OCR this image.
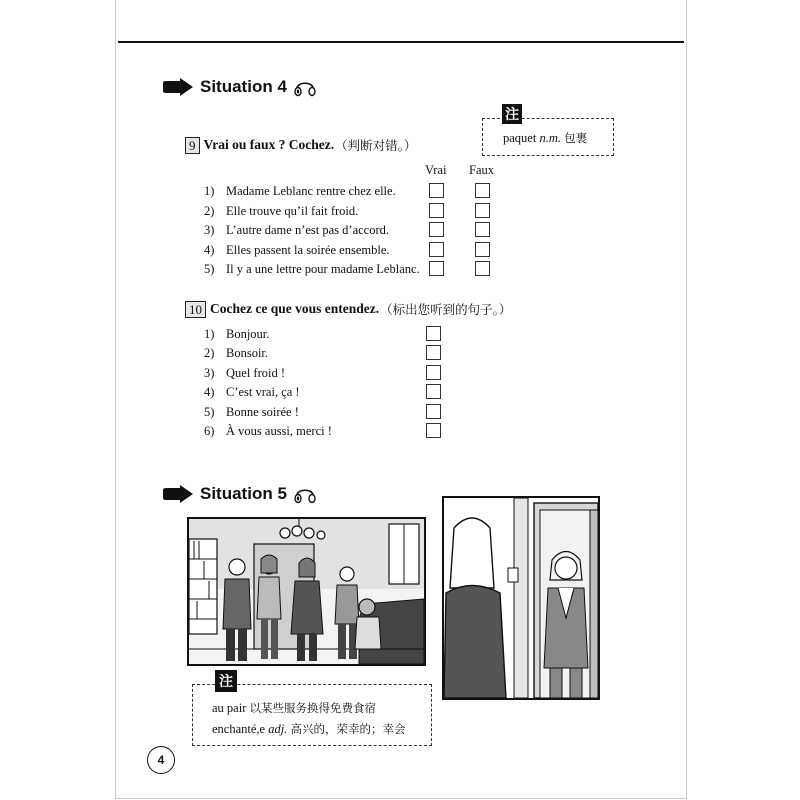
Situation 4
注
paquet n.m. 包裹
9 Vrai ou faux ? Cochez. （判断对错。）
Vrai Faux
1) Madame Leblanc rentre chez elle.
2) Elle trouve qu’il fait froid.
3) L’autre dame n’est pas d’accord.
4) Elles passent la soirée ensemble.
5) Il y a une lettre pour madame Leblanc.
10 Cochez ce que vous entendez. （标出您听到的句子。）
1) Bonjour.
2) Bonsoir.
3) Quel froid !
4) C’est vrai, ça !
5) Bonne soirée !
6) À vous aussi, merci !
Situation 5
注
au pair 以某些服务换得免费食宿
enchanté,e adj. 高兴的，荣幸的；幸会
4
